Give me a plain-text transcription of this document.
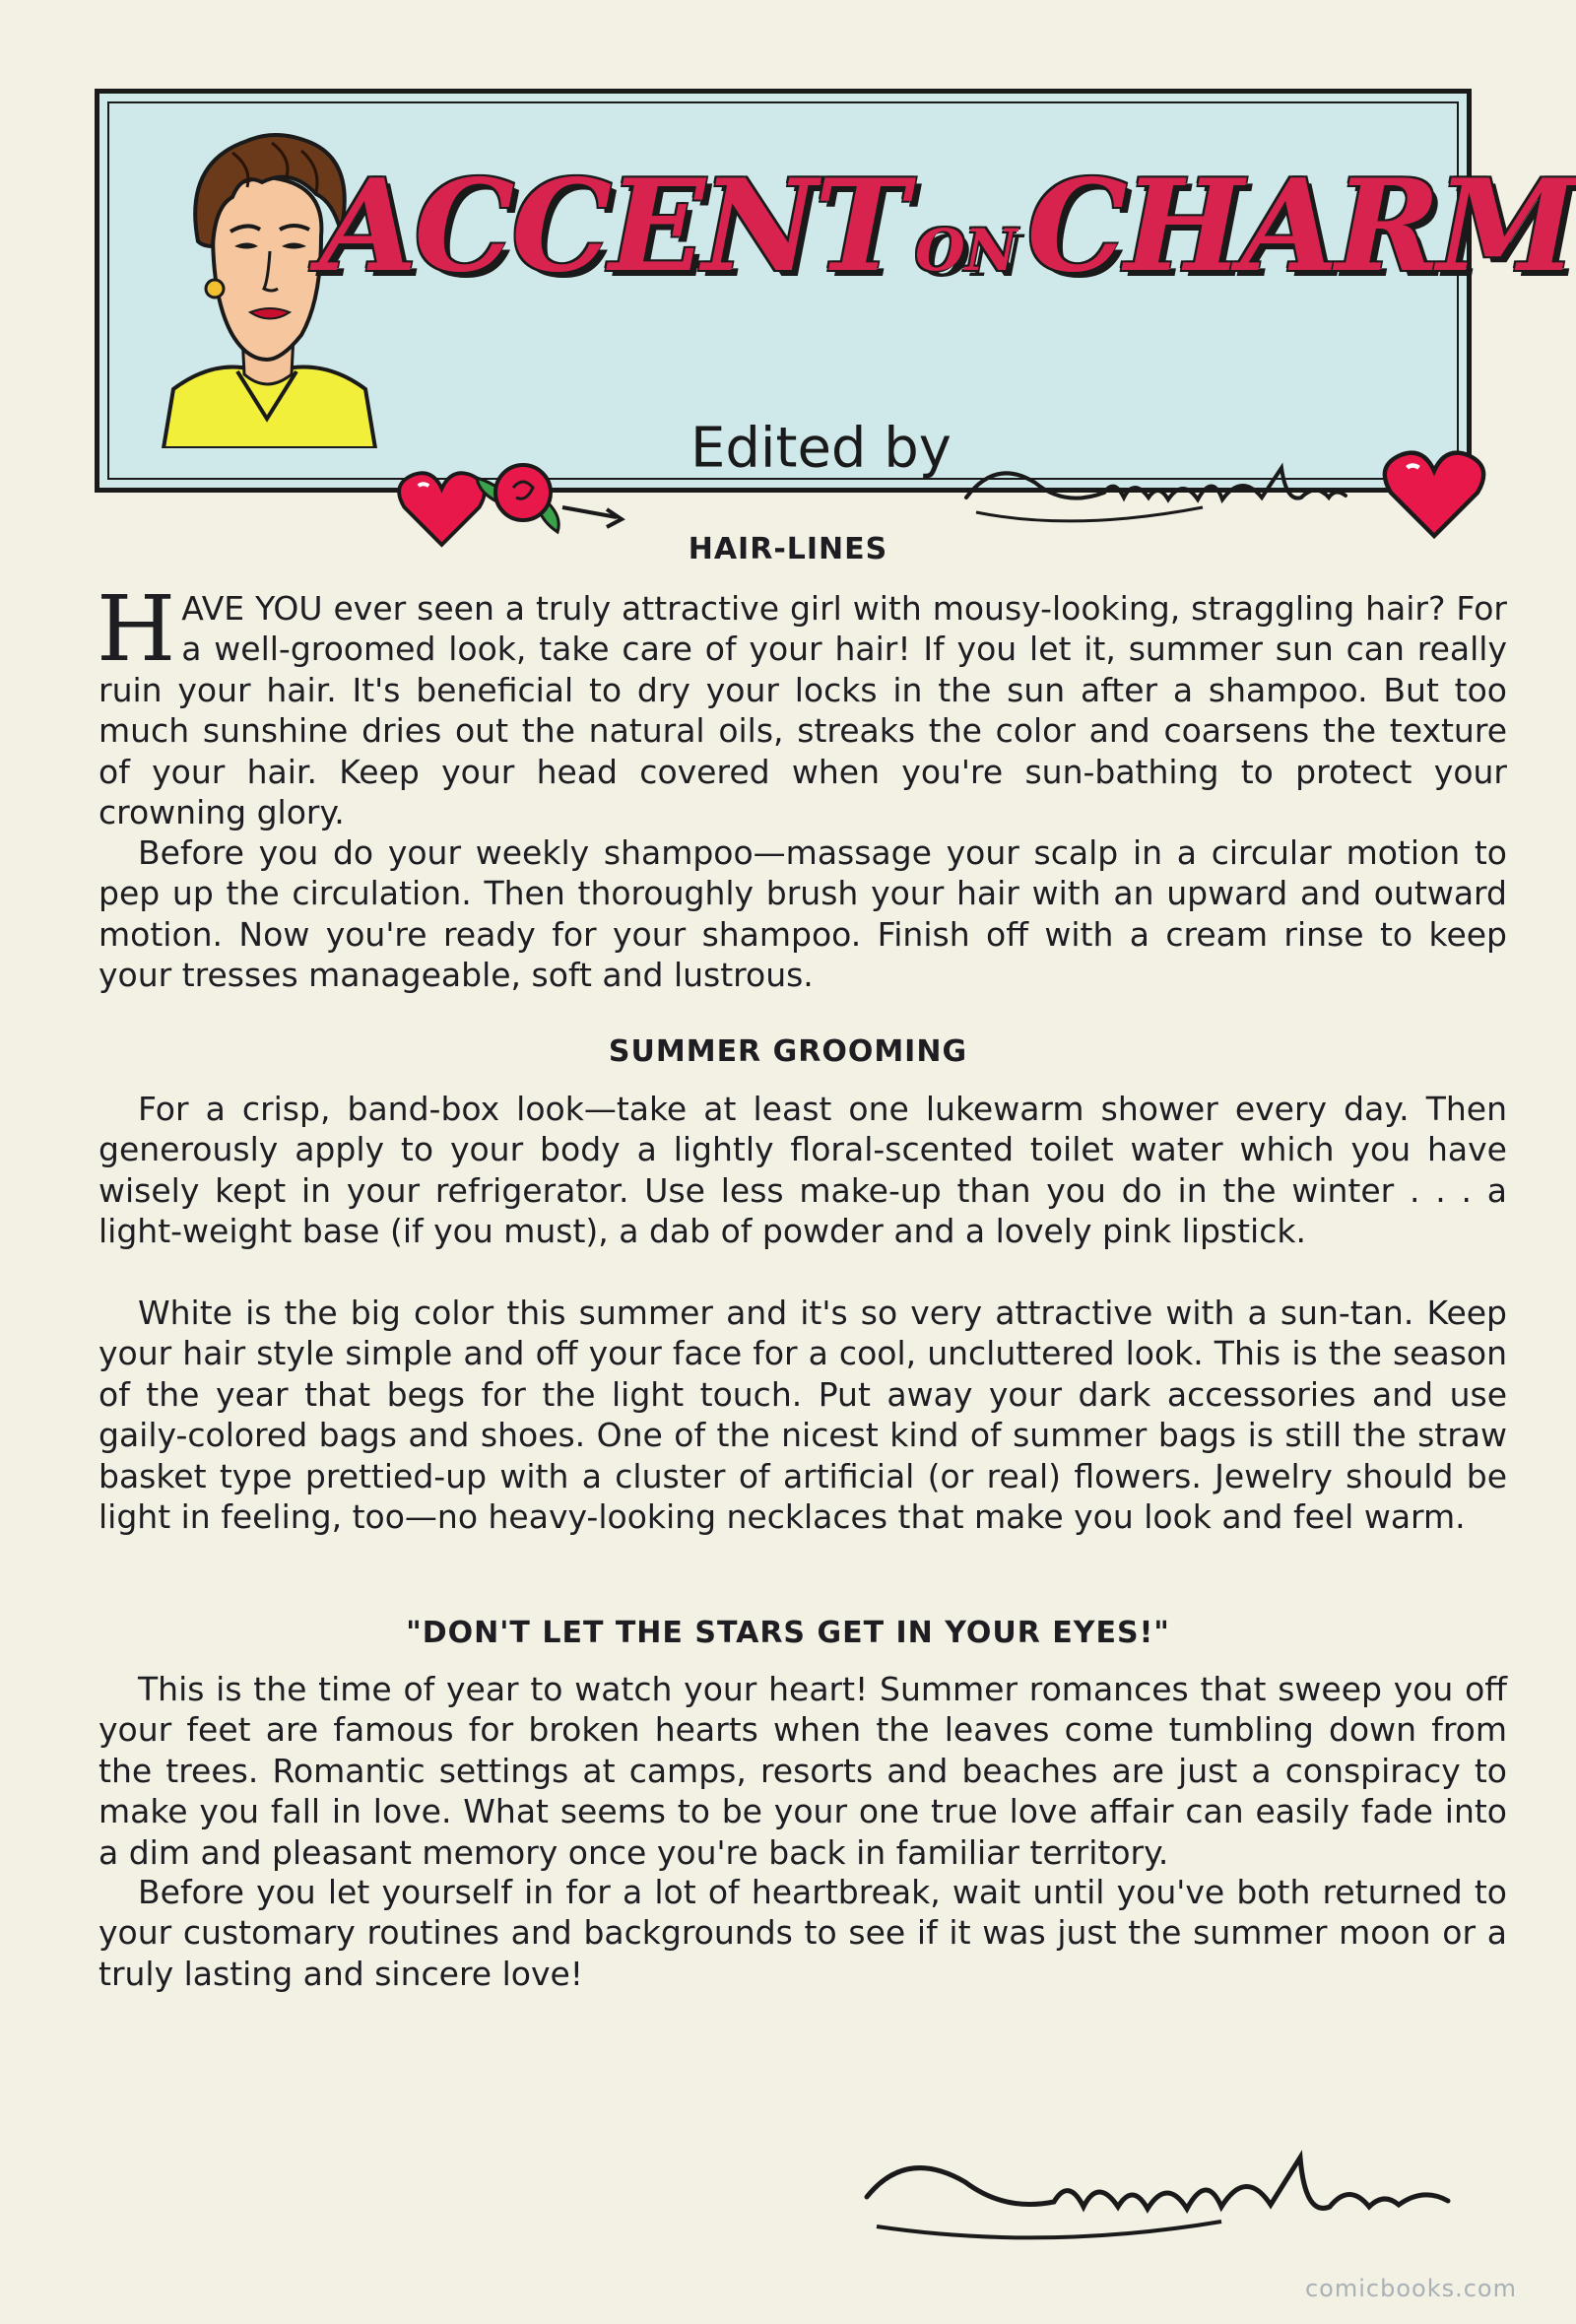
ACCENT ON CHARM
Edited by
HAIR-LINES
HAVE YOU ever seen a truly attractive girl with mousy-looking, straggling hair? For a well-groomed look, take care of your hair! If you let it, summer sun can really ruin your hair. It's beneficial to dry your locks in the sun after a shampoo. But too much sunshine dries out the natural oils, streaks the color and coarsens the texture of your hair. Keep your head covered when you're sun-bathing to protect your crowning glory.
Before you do your weekly shampoo—massage your scalp in a circular motion to pep up the circulation. Then thoroughly brush your hair with an upward and outward motion. Now you're ready for your shampoo. Finish off with a cream rinse to keep your tresses manageable, soft and lustrous.
SUMMER GROOMING
For a crisp, band-box look—take at least one lukewarm shower every day. Then generously apply to your body a lightly floral-scented toilet water which you have wisely kept in your refrigerator. Use less make-up than you do in the winter . . . a light-weight base (if you must), a dab of powder and a lovely pink lipstick.
White is the big color this summer and it's so very attractive with a sun-tan. Keep your hair style simple and off your face for a cool, uncluttered look. This is the season of the year that begs for the light touch. Put away your dark accessories and use gaily-colored bags and shoes. One of the nicest kind of summer bags is still the straw basket type prettied-up with a cluster of artificial (or real) flowers. Jewelry should be light in feeling, too—no heavy-looking necklaces that make you look and feel warm.
"DON'T LET THE STARS GET IN YOUR EYES!"
This is the time of year to watch your heart! Summer romances that sweep you off your feet are famous for broken hearts when the leaves come tumbling down from the trees. Romantic settings at camps, resorts and beaches are just a conspiracy to make you fall in love. What seems to be your one true love affair can easily fade into a dim and pleasant memory once you're back in familiar territory.
Before you let yourself in for a lot of heartbreak, wait until you've both returned to your customary routines and backgrounds to see if it was just the summer moon or a truly lasting and sincere love!
comicbooks.com
